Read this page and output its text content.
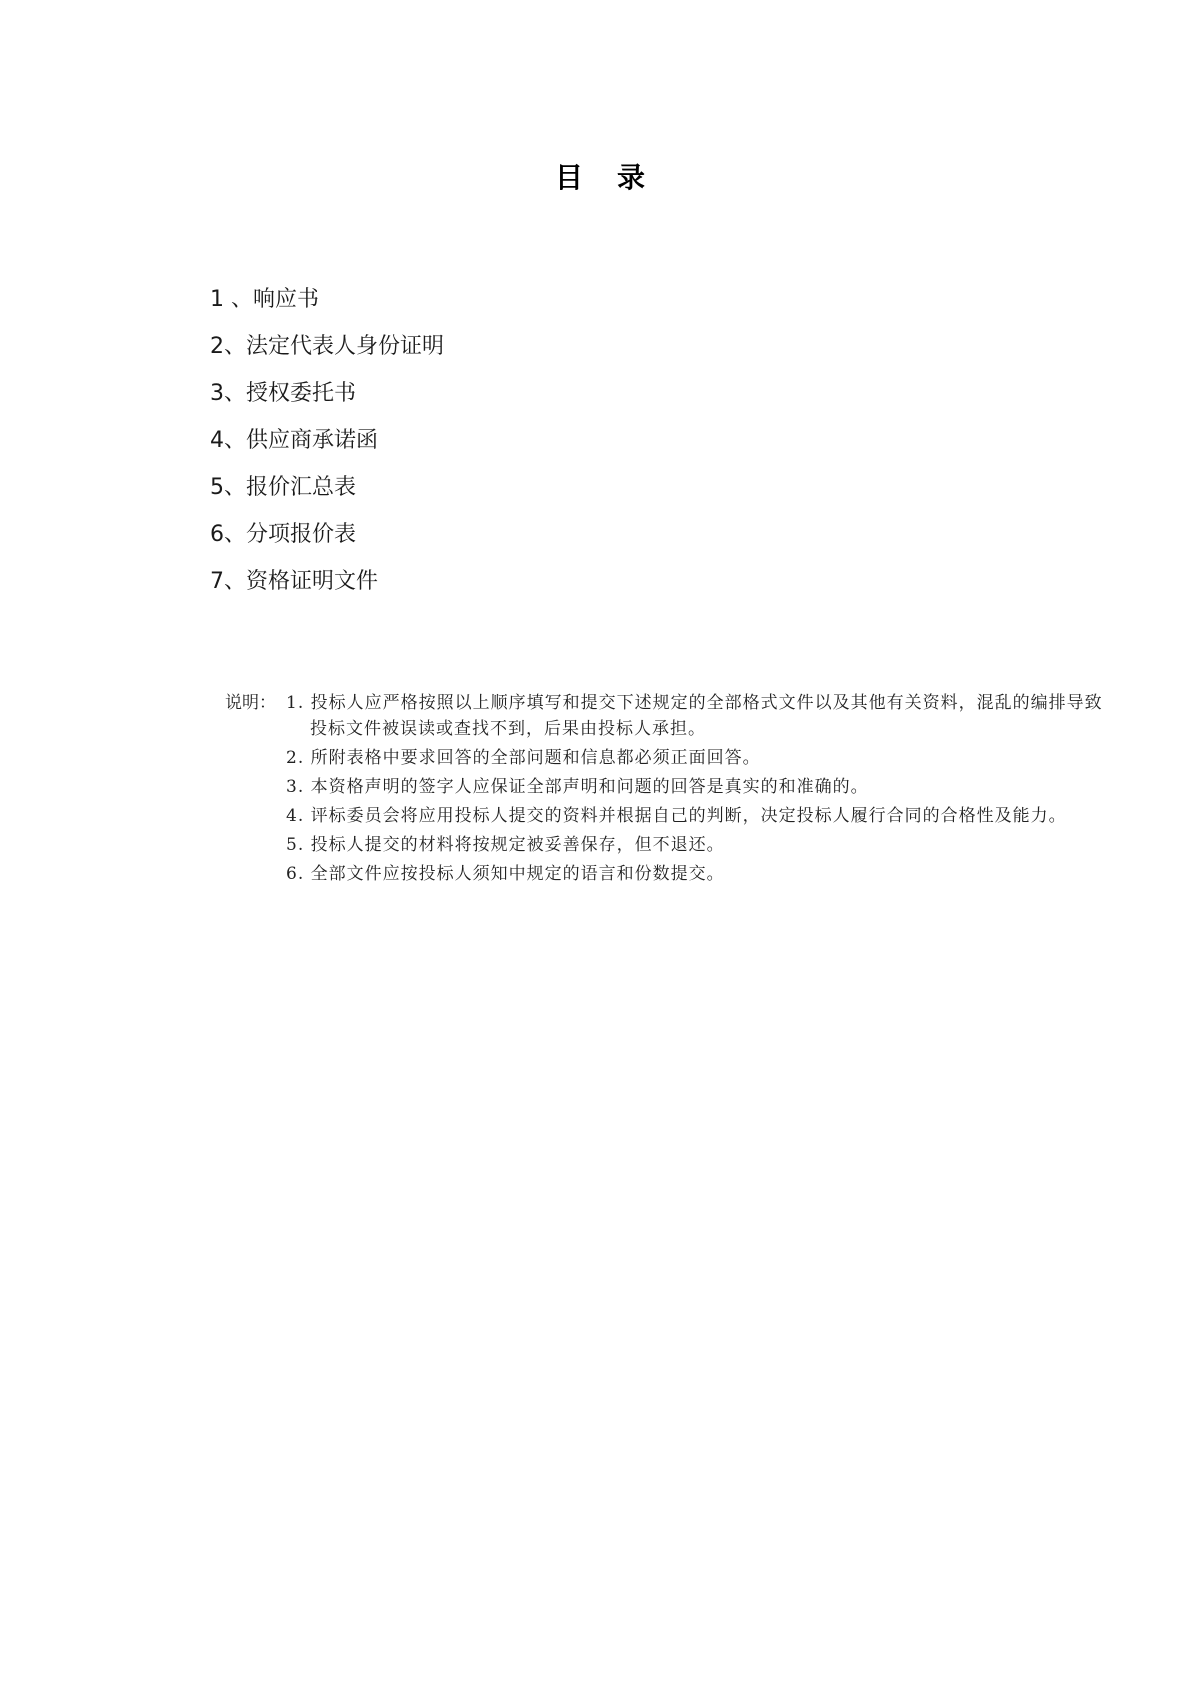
目录
1 、响应书
2、法定代表人身份证明
3、授权委托书
4、供应商承诺函
5、报价汇总表
6、分项报价表
7、资格证明文件
说明： 1. 投标人应严格按照以上顺序填写和提交下述规定的全部格式文件以及其他有关资料，混乱的编排导致投标文件被误读或查找不到，后果由投标人承担。
2. 所附表格中要求回答的全部问题和信息都必须正面回答。
3. 本资格声明的签字人应保证全部声明和问题的回答是真实的和准确的。
4. 评标委员会将应用投标人提交的资料并根据自己的判断，决定投标人履行合同的合格性及能力。
5. 投标人提交的材料将按规定被妥善保存，但不退还。
6. 全部文件应按投标人须知中规定的语言和份数提交。
